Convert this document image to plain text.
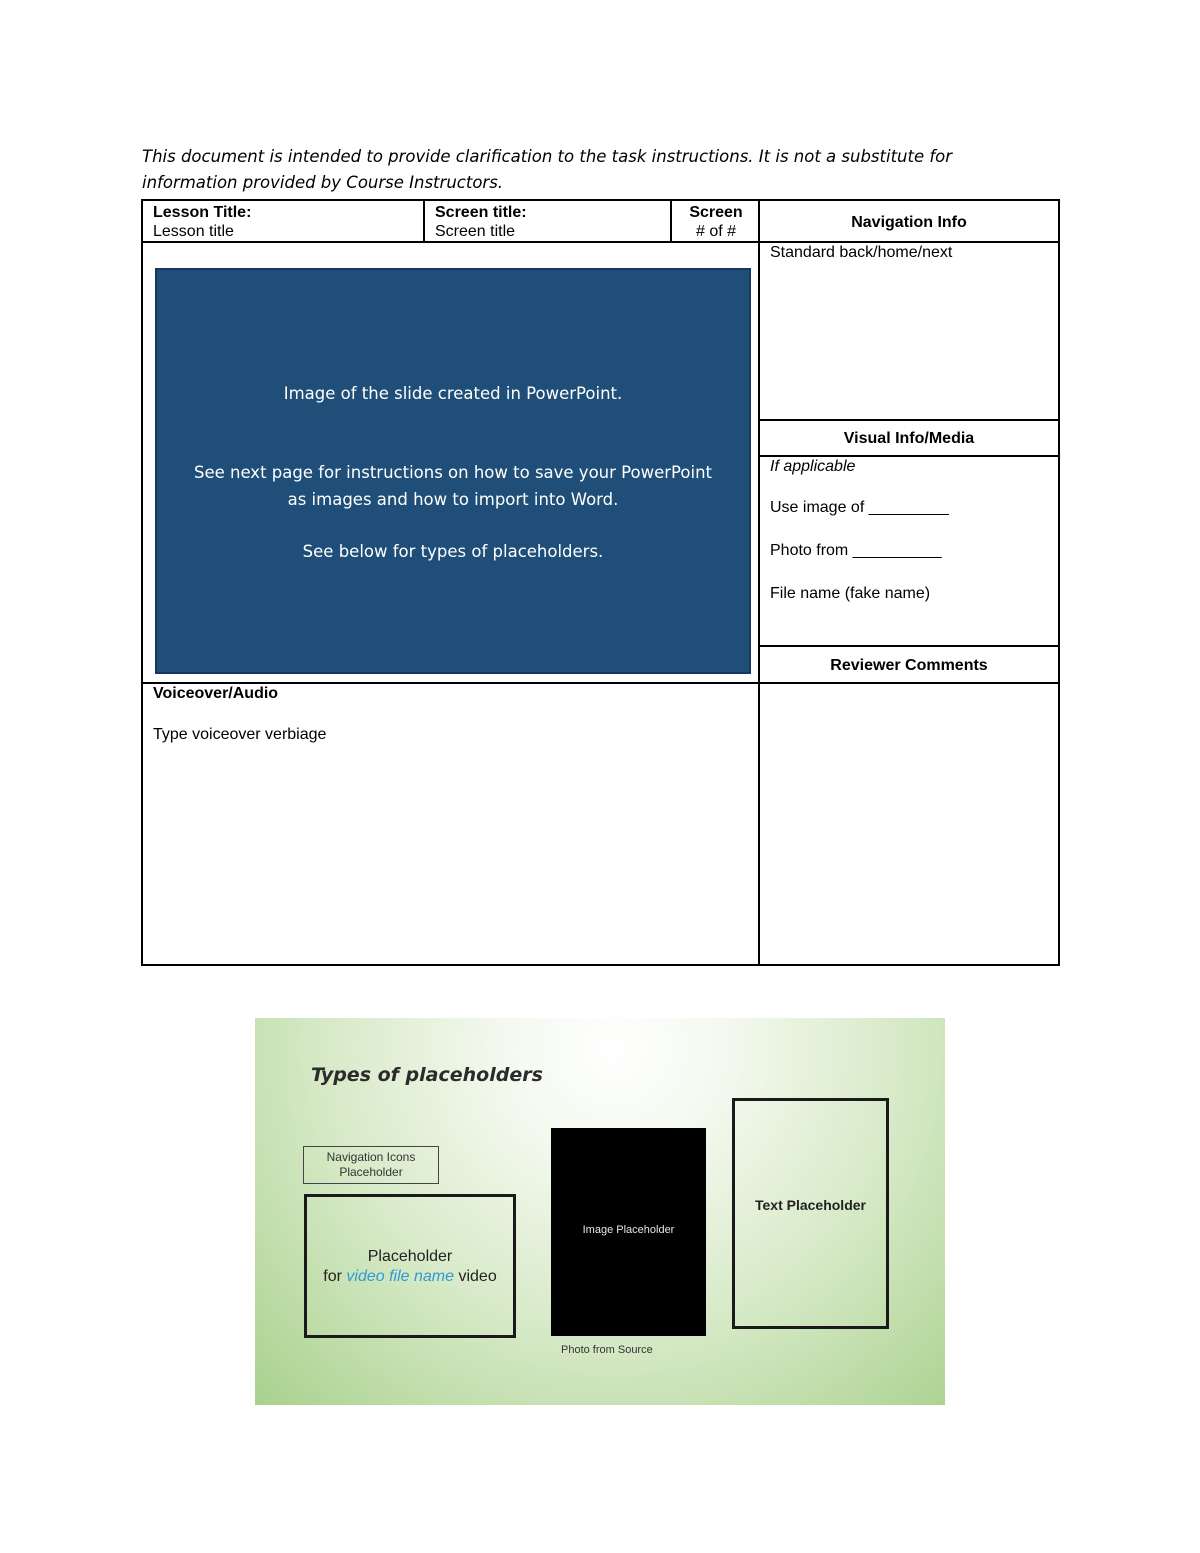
This document is intended to provide clarification to the task instructions. It is not a substitute for
information provided by Course Instructors.

Lesson Title:
Lesson title
Screen title:
Screen title
Screen
# of #
Navigation Info

Image of the slide created in PowerPoint.

See next page for instructions on how to save your PowerPoint

as images and how to import into Word.

See below for types of placeholders.

Standard back/home/next
Visual Info/Media
If applicable
Use image of _________
Photo from __________
File name (fake name)
Reviewer Comments
Voiceover/Audio
Type voiceover verbiage
Types of placeholders
Navigation Icons
Placeholder
Placeholder
for video file name video
Image Placeholder
Photo from Source
Text Placeholder
